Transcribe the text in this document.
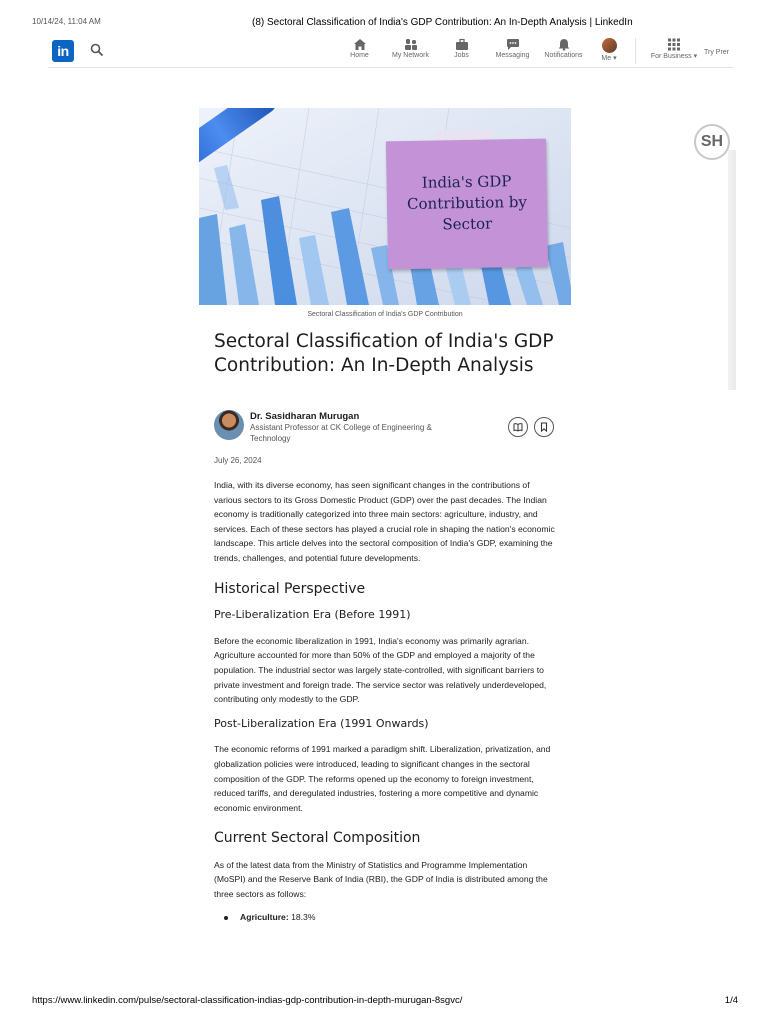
10/14/24, 11:04 AM	(8) Sectoral Classification of India's GDP Contribution: An In-Depth Analysis | LinkedIn
in	Home	My Network	Jobs	Messaging	Notifications	Me ▾	For Business ▾
Try Prer
SH
India's GDP Contribution by Sector
Sectoral Classification of India's GDP Contribution
Sectoral Classification of India's GDP Contribution: An In-Depth Analysis
Dr. Sasidharan Murugan
Assistant Professor at CK College of Engineering & Technology
July 26, 2024

India, with its diverse economy, has seen significant changes in the contributions of various sectors to its Gross Domestic Product (GDP) over the past decades. The Indian economy is traditionally categorized into three main sectors: agriculture, industry, and services. Each of these sectors has played a crucial role in shaping the nation's economic landscape. This article delves into the sectoral composition of India's GDP, examining the trends, challenges, and potential future developments.

Historical Perspective
Pre-Liberalization Era (Before 1991)

Before the economic liberalization in 1991, India's economy was primarily agrarian. Agriculture accounted for more than 50% of the GDP and employed a majority of the population. The industrial sector was largely state-controlled, with significant barriers to private investment and foreign trade. The service sector was relatively underdeveloped, contributing only modestly to the GDP.

Post-Liberalization Era (1991 Onwards)

The economic reforms of 1991 marked a paradigm shift. Liberalization, privatization, and globalization policies were introduced, leading to significant changes in the sectoral composition of the GDP. The reforms opened up the economy to foreign investment, reduced tariffs, and deregulated industries, fostering a more competitive and dynamic economic environment.

Current Sectoral Composition

As of the latest data from the Ministry of Statistics and Programme Implementation (MoSPI) and the Reserve Bank of India (RBI), the GDP of India is distributed among the three sectors as follows:

Agriculture: 18.3%
https://www.linkedin.com/pulse/sectoral-classification-indias-gdp-contribution-in-depth-murugan-8sgvc/	1/4
